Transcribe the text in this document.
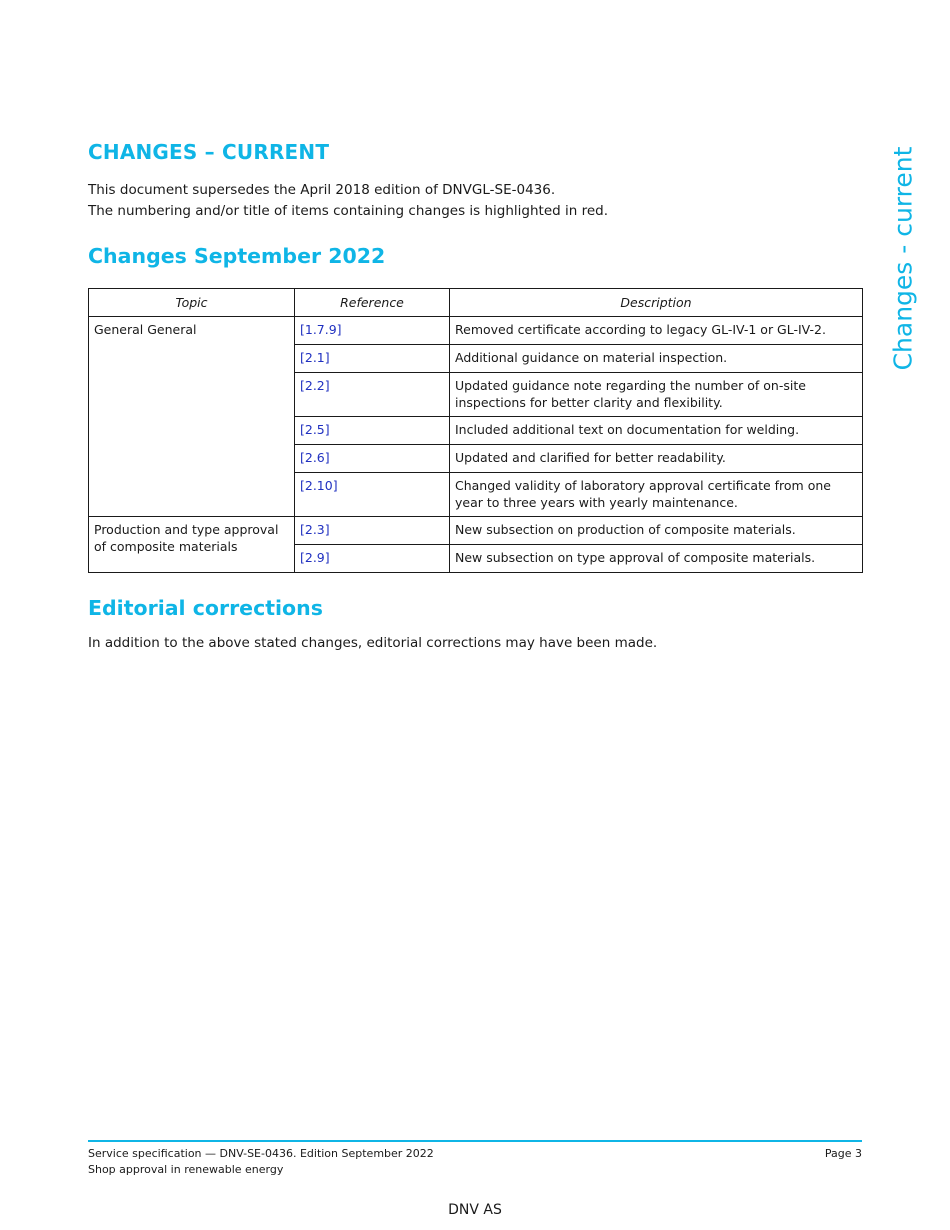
CHANGES – CURRENT
This document supersedes the April 2018 edition of DNVGL-SE-0436.
The numbering and/or title of items containing changes is highlighted in red.
Changes September 2022
Topic	Reference	Description
General General	[1.7.9]	Removed certificate according to legacy GL-IV-1 or GL-IV-2.
	[2.1]	Additional guidance on material inspection.
	[2.2]	Updated guidance note regarding the number of on-site inspections for better clarity and flexibility.
	[2.5]	Included additional text on documentation for welding.
	[2.6]	Updated and clarified for better readability.
	[2.10]	Changed validity of laboratory approval certificate from one year to three years with yearly maintenance.
Production and type approval of composite materials	[2.3]	New subsection on production of composite materials.
	[2.9]	New subsection on type approval of composite materials.
Editorial corrections
In addition to the above stated changes, editorial corrections may have been made.
Changes - current
Service specification — DNV-SE-0436. Edition September 2022
Shop approval in renewable energy
Page 3
DNV AS
